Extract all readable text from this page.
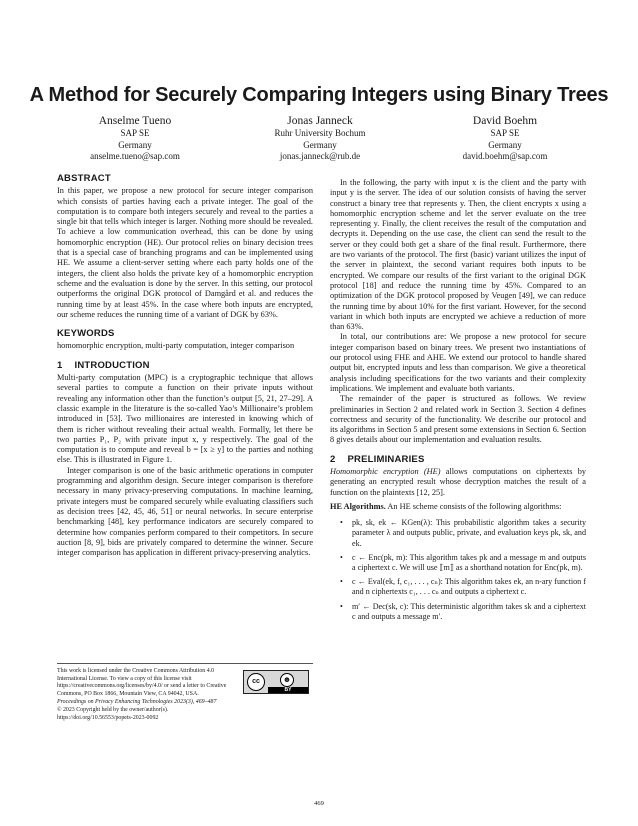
A Method for Securely Comparing Integers using Binary Trees
Anselme Tueno
SAP SE
Germany
anselme.tueno@sap.com
Jonas Janneck
Ruhr University Bochum
Germany
jonas.janneck@rub.de
David Boehm
SAP SE
Germany
david.boehm@sap.com
ABSTRACT

In this paper, we propose a new protocol for secure integer comparison which consists of parties having each a private integer. The goal of the computation is to compare both integers securely and reveal to the parties a single bit that tells which integer is larger. Nothing more should be revealed. To achieve a low communication overhead, this can be done by using homomorphic encryption (HE). Our protocol relies on binary decision trees that is a special case of branching programs and can be implemented using HE. We assume a client-server setting where each party holds one of the integers, the client also holds the private key of a homomorphic encryption scheme and the evaluation is done by the server. In this setting, our protocol outperforms the original DGK protocol of Damgård et al. and reduces the running time by at least 45%. In the case where both inputs are encrypted, our scheme reduces the running time of a variant of DGK by 63%.

KEYWORDS

homomorphic encryption, multi-party computation, integer comparison

1 INTRODUCTION

Multi-party computation (MPC) is a cryptographic technique that allows several parties to compute a function on their private inputs without revealing any information other than the function’s output [5, 21, 27–29]. A classic example in the literature is the so-called Yao’s Millionaire’s problem introduced in [53]. Two millionaires are interested in knowing which of them is richer without revealing their actual wealth. Formally, let there be two parties P₁, P₂ with private input x, y respectively. The goal of the computation is to compute and reveal b = [x ≥ y] to the parties and nothing else. This is illustrated in Figure 1.

Integer comparison is one of the basic arithmetic operations in computer programming and algorithm design. Secure integer comparison is therefore necessary in many privacy-preserving computations. In machine learning, private integers must be compared securely while evaluating classifiers such as decision trees [42, 45, 46, 51] or neural networks. In secure enterprise benchmarking [48], key performance indicators are securely compared to determine how companies perform compared to their competitors. In secure auction [8, 9], bids are privately compared to determine the winner. Secure integer comparison has application in different privacy-preserving analytics.

In the following, the party with input x is the client and the party with input y is the server. The idea of our solution consists of having the server construct a binary tree that represents y. Then, the client encrypts x using a homomorphic encryption scheme and let the server evaluate on the tree representing y. Finally, the client receives the result of the computation and decrypts it. Depending on the use case, the client can send the result to the server or they could both get a share of the final result. Furthermore, there are two variants of the protocol. The first (basic) variant utilizes the input of the server in plaintext, the second variant requires both inputs to be encrypted. We compare our results of the first variant to the original DGK protocol [18] and reduce the running time by 45%. Compared to an optimization of the DGK protocol proposed by Veugen [49], we can reduce the running time by about 10% for the first variant. However, for the second variant in which both inputs are encrypted we achieve a reduction of more than 63%.

In total, our contributions are: We propose a new protocol for secure integer comparison based on binary trees. We present two instantiations of our protocol using FHE and AHE. We extend our protocol to handle shared output bit, encrypted inputs and less than comparison. We give a theoretical analysis including specifications for the two variants and their complexity implications. We implement and evaluate both variants.

The remainder of the paper is structured as follows. We review preliminaries in Section 2 and related work in Section 3. Section 4 defines correctness and security of the functionality. We describe our protocol and its algorithms in Section 5 and present some extensions in Section 6. Section 8 gives details about our implementation and evaluation results.

2 PRELIMINARIES

Homomorphic encryption (HE) allows computations on ciphertexts by generating an encrypted result whose decryption matches the result of a function on the plaintexts [12, 25].

HE Algorithms. An HE scheme consists of the following algorithms:

• pk, sk, ek ← KGen(λ): This probabilistic algorithm takes a security parameter λ and outputs public, private, and evaluation keys pk, sk, and ek.
• c ← Enc(pk, m): This algorithm takes pk and a message m and outputs a ciphertext c. We will use ⟦m⟧ as a shorthand notation for Enc(pk, m).
• c ← Eval(ek, f, c₁, . . . , cₙ): This algorithm takes ek, an n-ary function f and n ciphertexts c₁, . . . cₙ and outputs a ciphertext c.
• m′ ← Dec(sk, c): This deterministic algorithm takes sk and a ciphertext c and outputs a message m′.
This work is licensed under the Creative Commons Attribution 4.0 International License. To view a copy of this license visit https://creativecommons.org/licenses/by/4.0/ or send a letter to Creative Commons, PO Box 1866, Mountain View, CA 94042, USA.
cc	☻
BY
Proceedings on Privacy Enhancing Technologies 2023(3), 469–487
© 2023 Copyright held by the owner/author(s).
https://doi.org/10.56553/popets-2023-0092
469
